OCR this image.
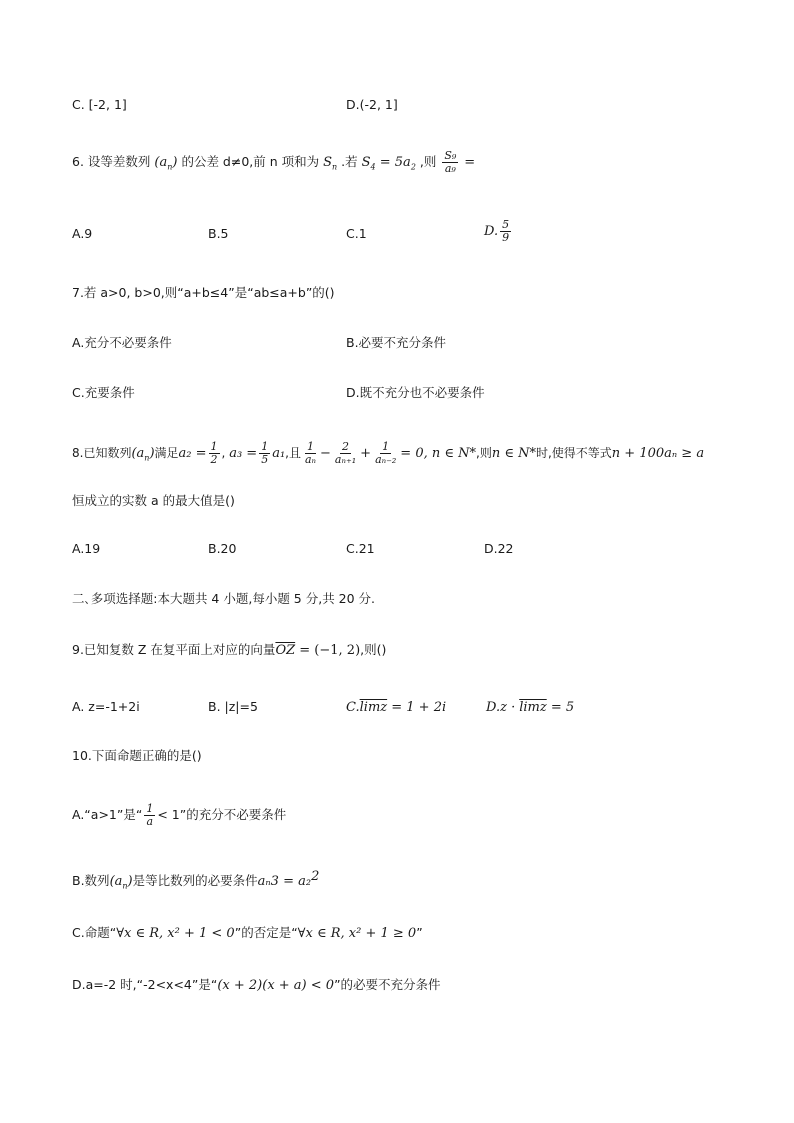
C. [-2, 1]	D.(-2, 1]
6. 设等差数列 $(a_n)$ 的公差 d≠0,前 n 项和为 $S_n$ .若 $S_4 = 5a_2$ ,则 $\frac{\text{S₉}}{\text{a₉}}$ =
A.9	B.5	C.1	D. $\frac{5}{9}$
7.若 a>0, b>0,则“a+b≤4”是“ab≤a+b”的()
A.充分不必要条件	B.必要不充分条件
C.充要条件	D.既不充分也不必要条件
8.已知数列$(a_n)$满足$a_2 = \frac{1}{2}$ , $a_3 = \frac{1}{5} a_1$,且 $\frac{1}{\text{aₙ}} - \frac{2}{\text{aₙ₊₁}} + \frac{1}{\text{aₙ₋₂}} = 0$, n ∈ N*,则n ∈ N*时,使得不等式n + 100aₙ ≥ a
恒成立的实数 a 的最大值是()
A.19	B.20	C.21	D.22
二､多项选择题:本大题共 4 小题,每小题 5 分,共 20 分.
9.已知复数 Z 在复平面上对应的向量$\overline{OZ} = (-1$, 2),则()
A. z=-1+2i	B. |z|=5	C.limz = 1 + 2i	D.z · limz = 5
10.下面命题正确的是()
A.“a>1”是“ $\frac{1}{a} < 1$”的充分不必要条件
B.数列$(a_n)$是等比数列的必要条件aₙ3 = a₂$^2$
C.命题“∀x ∈ R, x² + 1 < 0”的否定是“∀x ∈ R, x² + 1 ≥ 0”
D.a=-2 时,“-2<x<4”是“(x + 2)(x + a) < 0”的必要不充分条件
